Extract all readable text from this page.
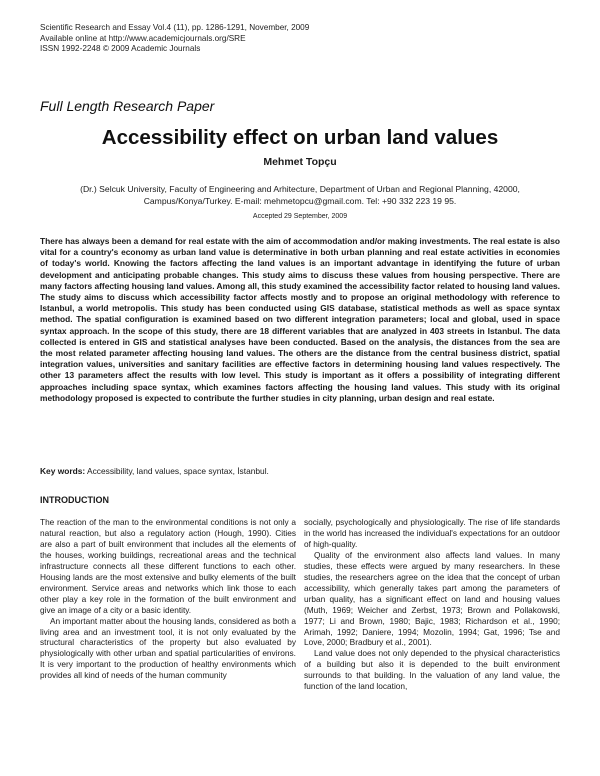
Scientific Research and Essay Vol.4 (11), pp. 1286-1291, November, 2009
Available online at http://www.academicjournals.org/SRE
ISSN 1992-2248 © 2009 Academic Journals
Full Length Research Paper
Accessibility effect on urban land values
Mehmet Topçu
(Dr.) Selcuk University, Faculty of Engineering and Arhitecture, Department of Urban and Regional Planning, 42000, Campus/Konya/Turkey. E-mail: mehmetopcu@gmail.com. Tel: +90 332 223 19 95.
Accepted 29 September, 2009
There has always been a demand for real estate with the aim of accommodation and/or making investments. The real estate is also vital for a country's economy as urban land value is determinative in both urban planning and real estate activities in economies of today's world. Knowing the factors affecting the land values is an important advantage in identifying the future of urban development and anticipating probable changes. This study aims to discuss these values from housing perspective. There are many factors affecting housing land values. Among all, this study examined the accessibility factor related to housing land values. The study aims to discuss which accessibility factor affects mostly and to propose an original methodology with reference to Istanbul, a world metropolis. This study has been conducted using GIS database, statistical methods as well as space syntax method. The spatial configuration is examined based on two different integration parameters; local and global, used in space syntax approach. In the scope of this study, there are 18 different variables that are analyzed in 403 streets in Istanbul. The data collected is entered in GIS and statistical analyses have been conducted. Based on the analysis, the distances from the sea are the most related parameter affecting housing land values. The others are the distance from the central business district, spatial integration values, universities and sanitary facilities are effective factors in determining housing land values respectively. The other 13 parameters affect the results with low level. This study is important as it offers a possibility of integrating different approaches including space syntax, which examines factors affecting the housing land values. This study with its original methodology proposed is expected to contribute the further studies in city planning, urban design and real estate.
Key words: Accessibility, land values, space syntax, İstanbul.
INTRODUCTION

The reaction of the man to the environmental conditions is not only a natural reaction, but also a regulatory action (Hough, 1990). Cities are also a part of built environment that includes all the elements of the houses, working buildings, recreational areas and the technical infrastructure connects all these different functions to each other. Housing lands are the most extensive and bulky elements of the built environment. Service areas and networks which link those to each other play a key role in the formation of the built environment and give an image of a city or a basic identity.

An important matter about the housing lands, considered as both a living area and an investment tool, it is not only evaluated by the structural characteristics of the property but also evaluated by physiologically with other urban and spatial particularities of environs. It is very important to the production of healthy environments which provides all kind of needs of the human community

socially, psychologically and physiologically. The rise of life standards in the world has increased the individual's expectations for an outdoor of high-quality.

Quality of the environment also affects land values. In many studies, these effects were argued by many researchers. In these studies, the researchers agree on the idea that the concept of urban accessibility, which generally takes part among the parameters of urban quality, has a significant effect on land and housing values (Muth, 1969; Weicher and Zerbst, 1973; Brown and Pollakowski, 1977; Li and Brown, 1980; Bajic, 1983; Richardson et al., 1990; Arimah, 1992; Daniere, 1994; Mozolin, 1994; Gat, 1996; Tse and Love, 2000; Bradbury et al., 2001).

Land value does not only depended to the physical characteristics of a building but also it is depended to the built environment surrounds to that building. In the valuation of any land value, the function of the land location,
